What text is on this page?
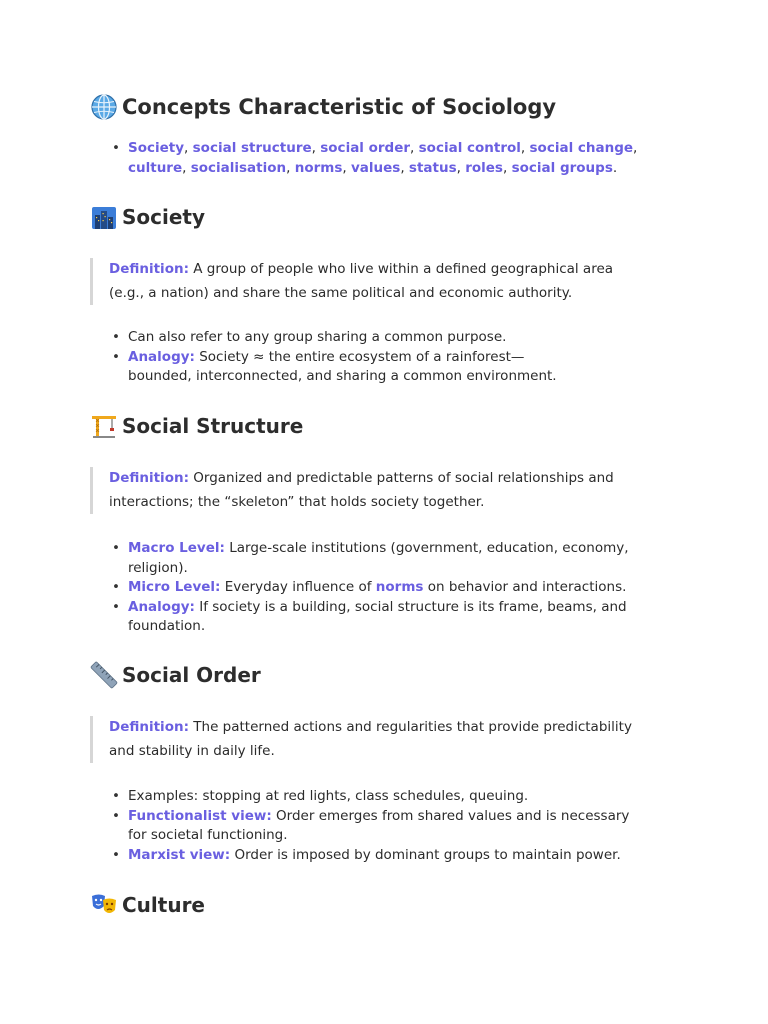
Concepts Characteristic of Sociology
• Society, social structure, social order, social control, social change, culture, socialisation, norms, values, status, roles, social groups.
Society
Definition: A group of people who live within a defined geographical area (e.g., a nation) and share the same political and economic authority.
• Can also refer to any group sharing a common purpose.
• Analogy: Society ≈ the entire ecosystem of a rainforest—bounded, interconnected, and sharing a common environment.
Social Structure
Definition: Organized and predictable patterns of social relationships and interactions; the “skeleton” that holds society together.
• Macro Level: Large-scale institutions (government, education, economy, religion).
• Micro Level: Everyday influence of norms on behavior and interactions.
• Analogy: If society is a building, social structure is its frame, beams, and foundation.
Social Order
Definition: The patterned actions and regularities that provide predictability and stability in daily life.
• Examples: stopping at red lights, class schedules, queuing.
• Functionalist view: Order emerges from shared values and is necessary for societal functioning.
• Marxist view: Order is imposed by dominant groups to maintain power.
Culture
